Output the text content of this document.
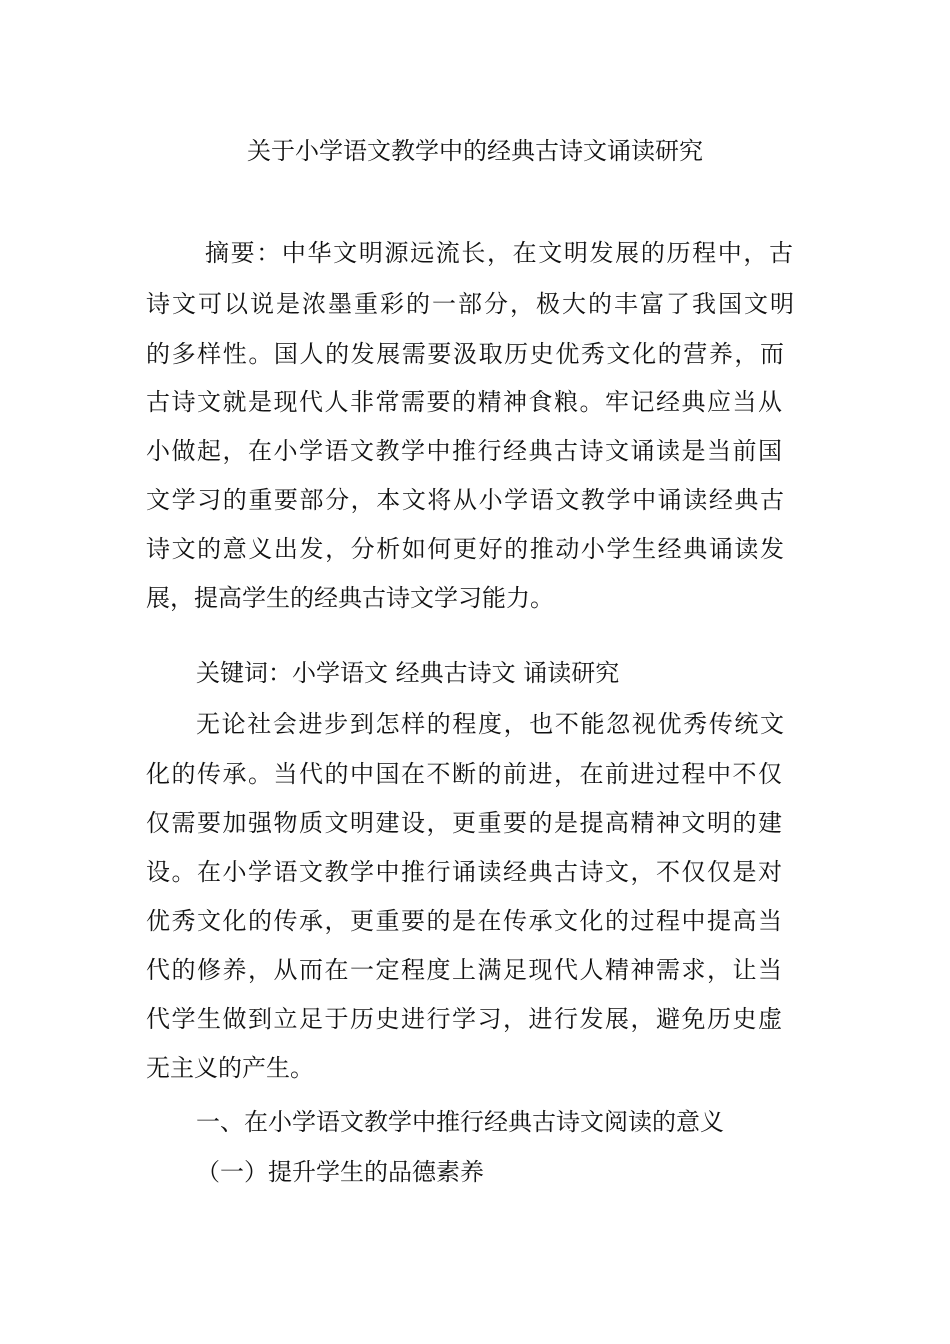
关于小学语文教学中的经典古诗文诵读研究
摘要：中华文明源远流长，在文明发展的历程中，古
诗文可以说是浓墨重彩的一部分，极大的丰富了我国文明
的多样性。国人的发展需要汲取历史优秀文化的营养，而
古诗文就是现代人非常需要的精神食粮。牢记经典应当从
小做起，在小学语文教学中推行经典古诗文诵读是当前国
文学习的重要部分，本文将从小学语文教学中诵读经典古
诗文的意义出发，分析如何更好的推动小学生经典诵读发
展，提高学生的经典古诗文学习能力。
关键词：小学语文 经典古诗文 诵读研究
无论社会进步到怎样的程度，也不能忽视优秀传统文
化的传承。当代的中国在不断的前进，在前进过程中不仅
仅需要加强物质文明建设，更重要的是提高精神文明的建
设。在小学语文教学中推行诵读经典古诗文，不仅仅是对
优秀文化的传承，更重要的是在传承文化的过程中提高当
代的修养，从而在一定程度上满足现代人精神需求，让当
代学生做到立足于历史进行学习，进行发展，避免历史虚
无主义的产生。
一、在小学语文教学中推行经典古诗文阅读的意义
（一）提升学生的品德素养
